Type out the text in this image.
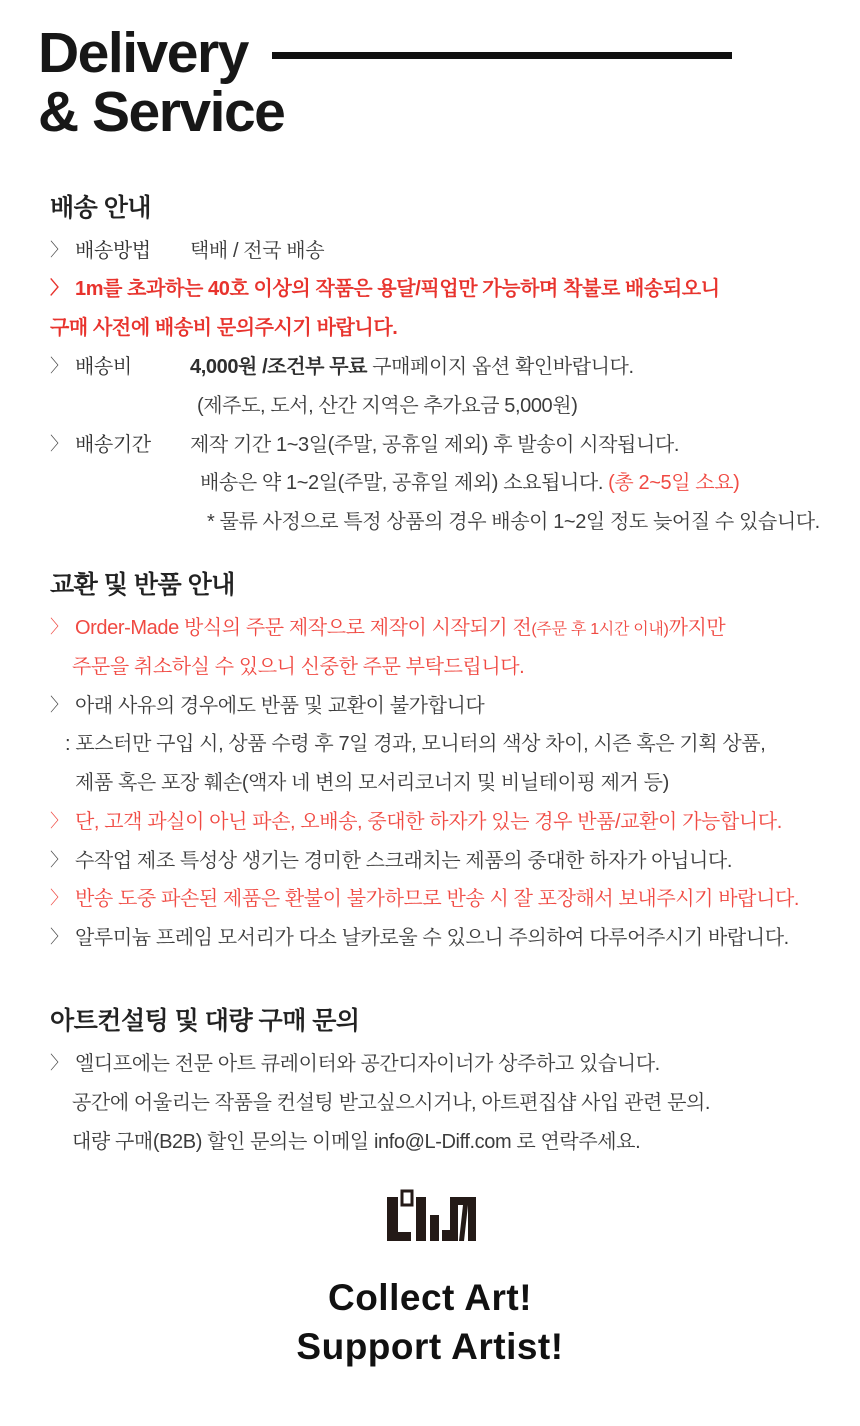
Delivery
& Service
배송 안내
〉 배송방법	택배 / 전국 배송
〉 1m를 초과하는 40호 이상의 작품은 용달/픽업만 가능하며 착불로 배송되오니
구매 사전에 배송비 문의주시기 바랍니다.
〉 배송비	4,000원 /조건부 무료 구매페이지 옵션 확인바랍니다.
(제주도, 도서, 산간 지역은 추가요금 5,000원)
〉 배송기간	제작 기간 1~3일(주말, 공휴일 제외) 후 발송이 시작됩니다.
배송은 약 1~2일(주말, 공휴일 제외) 소요됩니다. (총 2~5일 소요)
* 물류 사정으로 특정 상품의 경우 배송이 1~2일 정도 늦어질 수 있습니다.
교환 및 반품 안내
〉 Order-Made 방식의 주문 제작으로 제작이 시작되기 전(주문 후 1시간 이내)까지만
주문을 취소하실 수 있으니 신중한 주문 부탁드립니다.
〉 아래 사유의 경우에도 반품 및 교환이 불가합니다
: 포스터만 구입 시, 상품 수령 후 7일 경과, 모니터의 색상 차이, 시즌 혹은 기획 상품,
제품 혹은 포장 훼손(액자 네 변의 모서리코너지 및 비닐테이핑 제거 등)
〉 단, 고객 과실이 아닌 파손, 오배송, 중대한 하자가 있는 경우 반품/교환이 가능합니다.
〉 수작업 제조 특성상 생기는 경미한 스크래치는 제품의 중대한 하자가 아닙니다.
〉 반송 도중 파손된 제품은 환불이 불가하므로 반송 시 잘 포장해서 보내주시기 바랍니다.
〉 알루미늄 프레임 모서리가 다소 날카로울 수 있으니 주의하여 다루어주시기 바랍니다.
아트컨설팅 및 대량 구매 문의
〉 엘디프에는 전문 아트 큐레이터와 공간디자이너가 상주하고 있습니다.
공간에 어울리는 작품을 컨설팅 받고싶으시거나, 아트편집샵 사입 관련 문의.
대량 구매(B2B) 할인 문의는 이메일 info@L-Diff.com 로 연락주세요.
Collect Art!
Support Artist!
